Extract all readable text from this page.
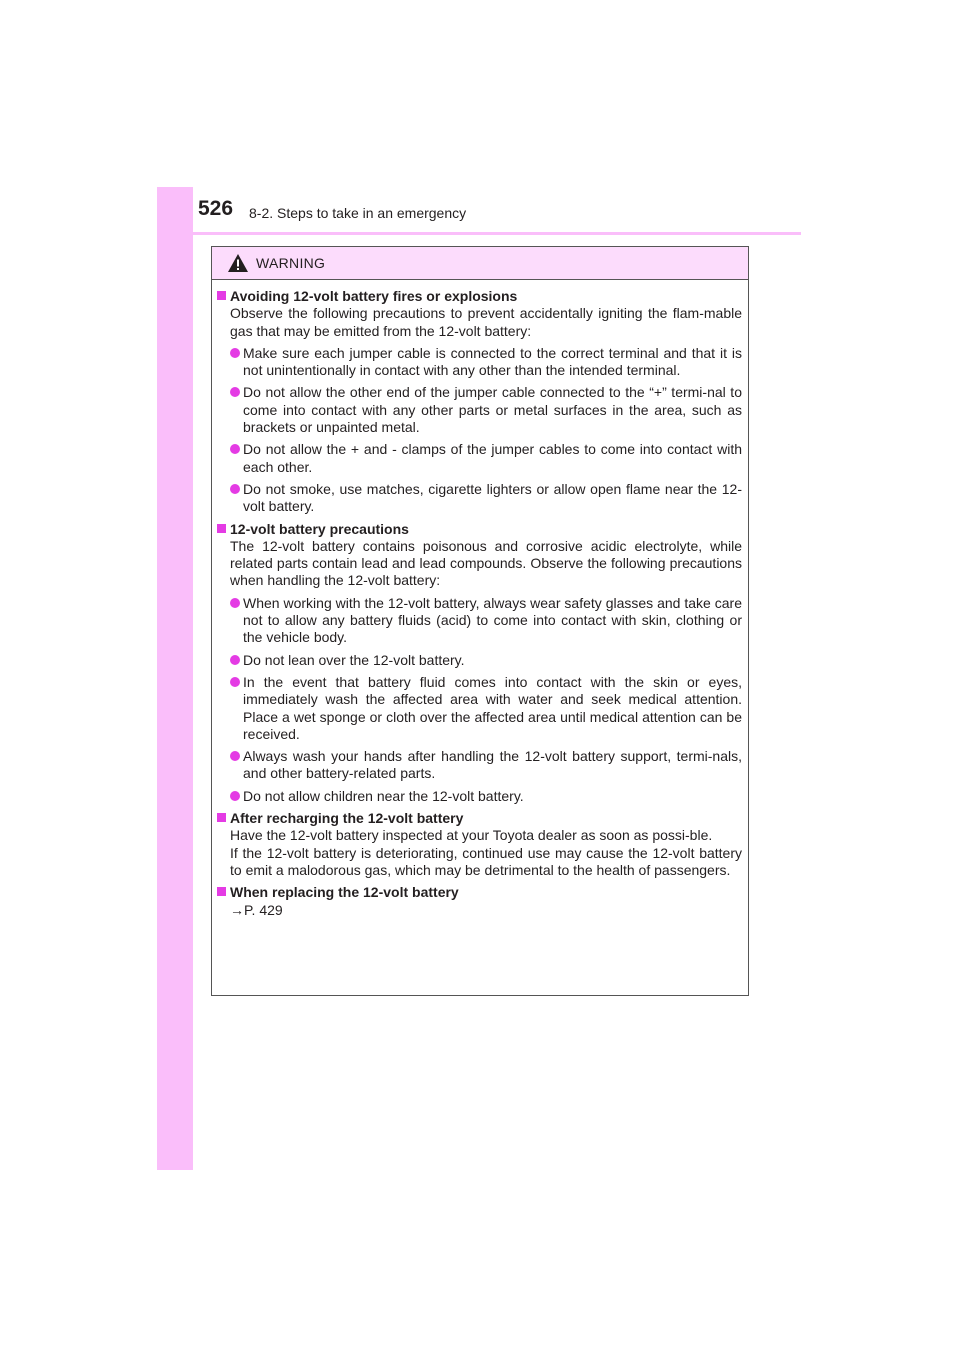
526 8-2. Steps to take in an emergency
WARNING
Avoiding 12-volt battery fires or explosions
Observe the following precautions to prevent accidentally igniting the flam-mable gas that may be emitted from the 12-volt battery:
Make sure each jumper cable is connected to the correct terminal and that it is not unintentionally in contact with any other than the intended terminal.
Do not allow the other end of the jumper cable connected to the “+” termi-nal to come into contact with any other parts or metal surfaces in the area, such as brackets or unpainted metal.
Do not allow the + and - clamps of the jumper cables to come into contact with each other.
Do not smoke, use matches, cigarette lighters or allow open flame near the 12-volt battery.
12-volt battery precautions
The 12-volt battery contains poisonous and corrosive acidic electrolyte, while related parts contain lead and lead compounds. Observe the following precautions when handling the 12-volt battery:
When working with the 12-volt battery, always wear safety glasses and take care not to allow any battery fluids (acid) to come into contact with skin, clothing or the vehicle body.
Do not lean over the 12-volt battery.
In the event that battery fluid comes into contact with the skin or eyes, immediately wash the affected area with water and seek medical attention. Place a wet sponge or cloth over the affected area until medical attention can be received.
Always wash your hands after handling the 12-volt battery support, termi-nals, and other battery-related parts.
Do not allow children near the 12-volt battery.
After recharging the 12-volt battery
Have the 12-volt battery inspected at your Toyota dealer as soon as possi-ble.
If the 12-volt battery is deteriorating, continued use may cause the 12-volt battery to emit a malodorous gas, which may be detrimental to the health of passengers.
When replacing the 12-volt battery
→P. 429
